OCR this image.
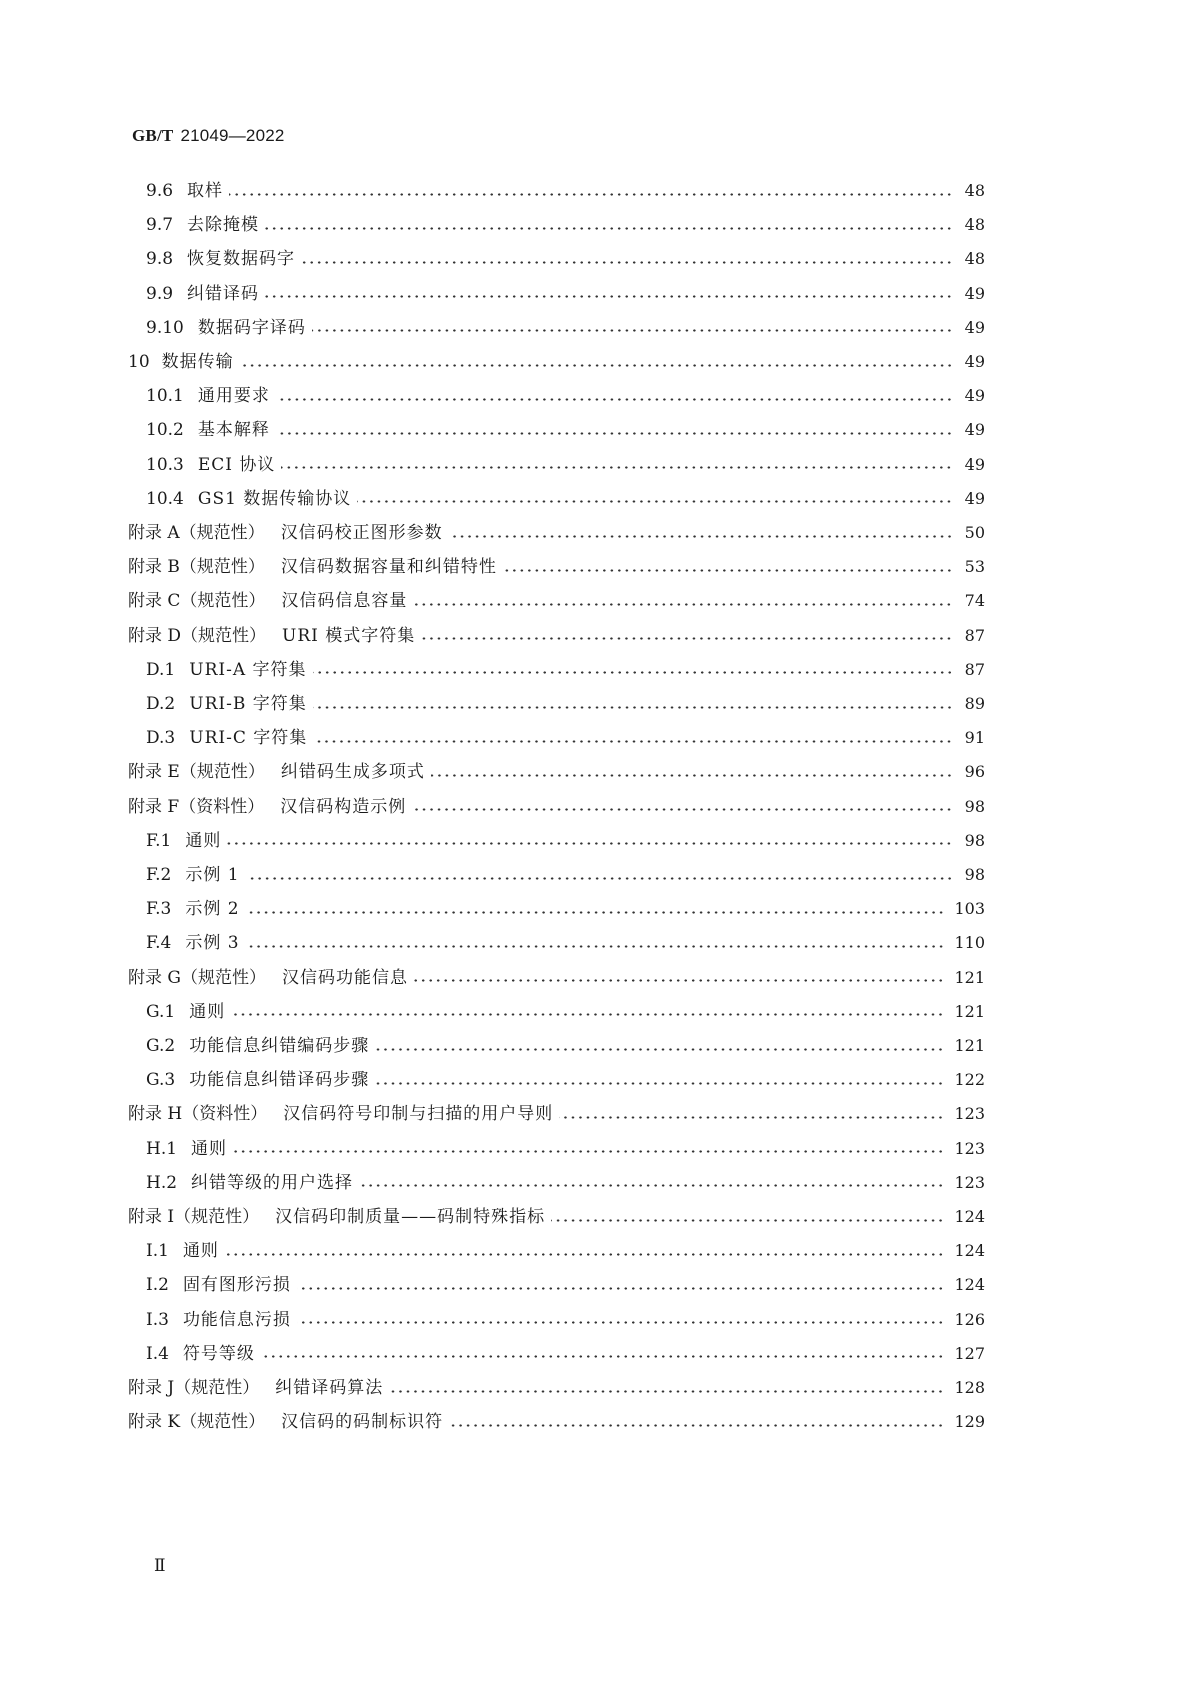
GB/T 21049—2022
9.6 取样	48
9.7 去除掩模	48
9.8 恢复数据码字	48
9.9 纠错译码	49
9.10 数据码字译码	49
10 数据传输	49
10.1 通用要求	49
10.2 基本解释	49
10.3 ECI 协议	49
10.4 GS1 数据传输协议	49
附录 A（规范性） 汉信码校正图形参数	50
附录 B（规范性） 汉信码数据容量和纠错特性	53
附录 C（规范性） 汉信码信息容量	74
附录 D（规范性） URI 模式字符集	87
D.1 URI-A 字符集	87
D.2 URI-B 字符集	89
D.3 URI-C 字符集	91
附录 E（规范性） 纠错码生成多项式	96
附录 F（资料性） 汉信码构造示例	98
F.1 通则	98
F.2 示例 1	98
F.3 示例 2	103
F.4 示例 3	110
附录 G（规范性） 汉信码功能信息	121
G.1 通则	121
G.2 功能信息纠错编码步骤	121
G.3 功能信息纠错译码步骤	122
附录 H（资料性） 汉信码符号印制与扫描的用户导则	123
H.1 通则	123
H.2 纠错等级的用户选择	123
附录 I（规范性） 汉信码印制质量——码制特殊指标	124
I.1 通则	124
I.2 固有图形污损	124
I.3 功能信息污损	126
I.4 符号等级	127
附录 J（规范性） 纠错译码算法	128
附录 K（规范性） 汉信码的码制标识符	129
Ⅱ
